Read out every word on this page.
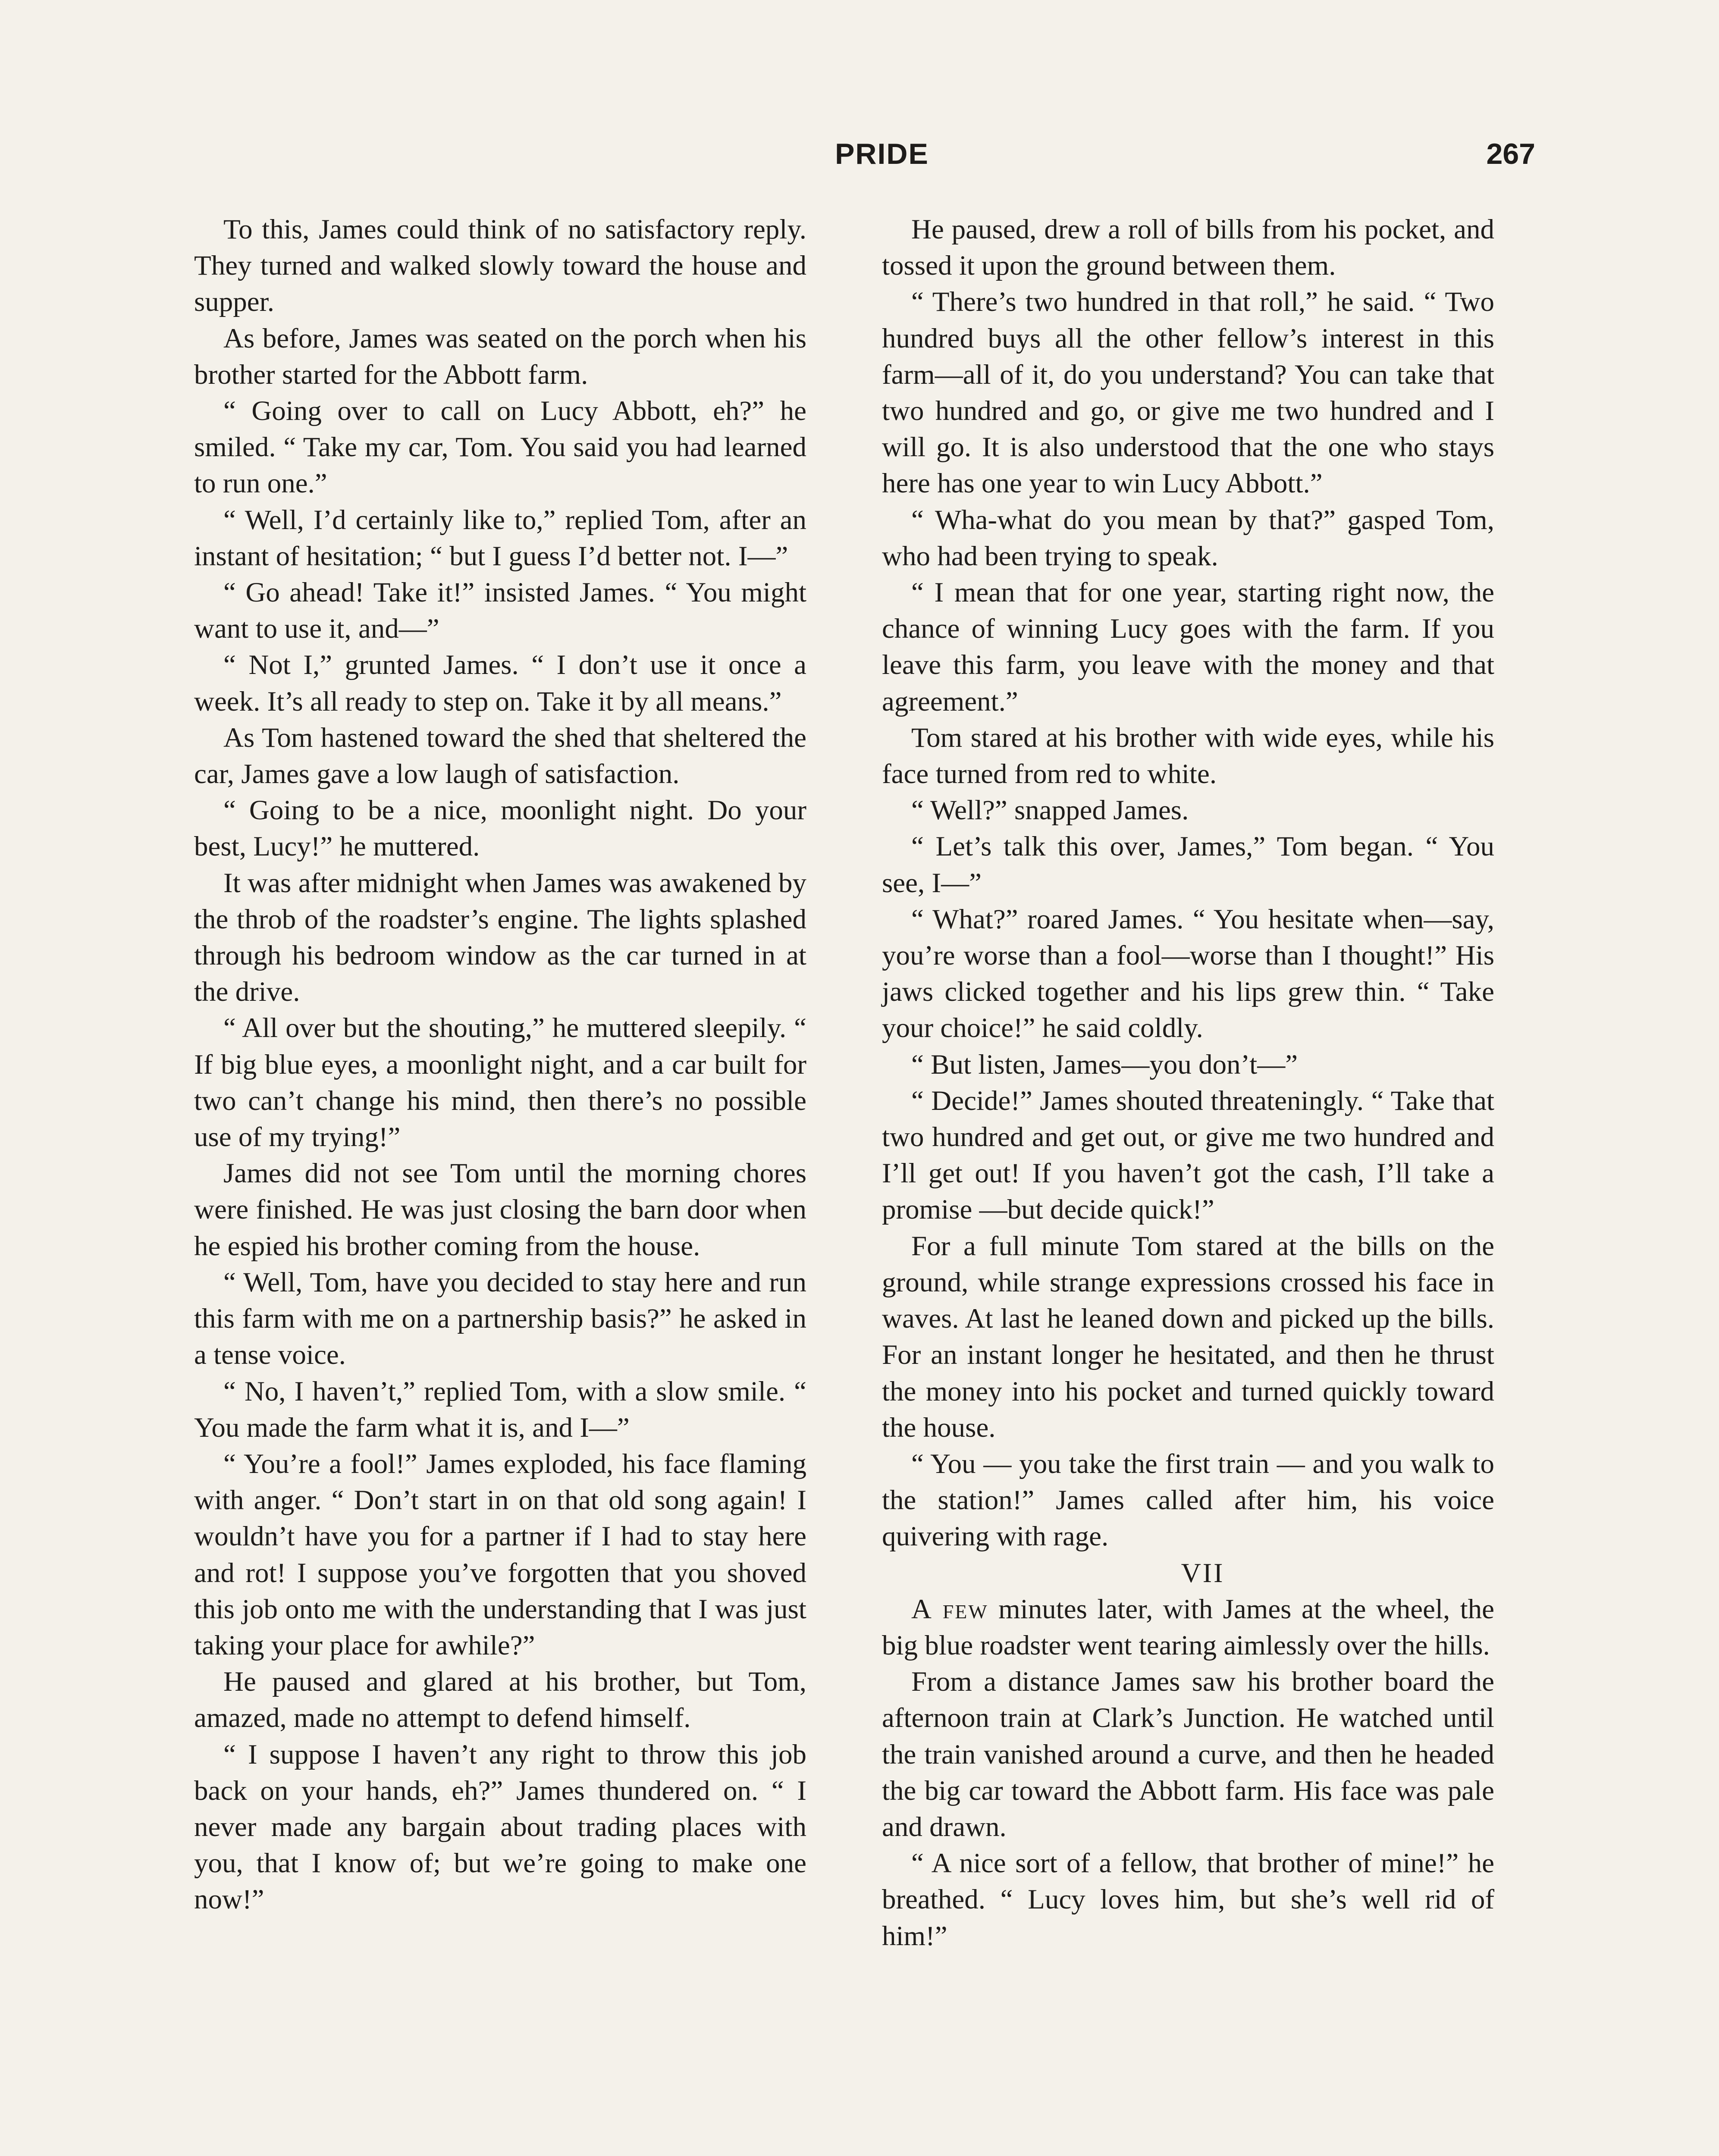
PRIDE	267

To this, James could think of no satisfactory reply. They turned and walked slowly toward the house and supper.

As before, James was seated on the porch when his brother started for the Abbott farm.

“ Going over to call on Lucy Abbott, eh?” he smiled. “ Take my car, Tom. You said you had learned to run one.”

“ Well, I’d certainly like to,” replied Tom, after an instant of hesitation; “ but I guess I’d better not. I—”

“ Go ahead! Take it!” insisted James. “ You might want to use it, and—”

“ Not I,” grunted James. “ I don’t use it once a week. It’s all ready to step on. Take it by all means.”

As Tom hastened toward the shed that sheltered the car, James gave a low laugh of satisfaction.

“ Going to be a nice, moonlight night. Do your best, Lucy!” he muttered.

It was after midnight when James was awakened by the throb of the roadster’s engine. The lights splashed through his bedroom window as the car turned in at the drive.

“ All over but the shouting,” he muttered sleepily. “ If big blue eyes, a moonlight night, and a car built for two can’t change his mind, then there’s no possible use of my trying!”

James did not see Tom until the morning chores were finished. He was just closing the barn door when he espied his brother coming from the house.

“ Well, Tom, have you decided to stay here and run this farm with me on a partnership basis?” he asked in a tense voice.

“ No, I haven’t,” replied Tom, with a slow smile. “ You made the farm what it is, and I—”

“ You’re a fool!” James exploded, his face flaming with anger. “ Don’t start in on that old song again! I wouldn’t have you for a partner if I had to stay here and rot! I suppose you’ve forgotten that you shoved this job onto me with the understanding that I was just taking your place for awhile?”

He paused and glared at his brother, but Tom, amazed, made no attempt to defend himself.

“ I suppose I haven’t any right to throw this job back on your hands, eh?” James thundered on. “ I never made any bargain about trading places with you, that I know of; but we’re going to make one now!”

He paused, drew a roll of bills from his pocket, and tossed it upon the ground between them.

“ There’s two hundred in that roll,” he said. “ Two hundred buys all the other fellow’s interest in this farm—all of it, do you understand? You can take that two hundred and go, or give me two hundred and I will go. It is also understood that the one who stays here has one year to win Lucy Abbott.”

“ Wha-what do you mean by that?” gasped Tom, who had been trying to speak.

“ I mean that for one year, starting right now, the chance of winning Lucy goes with the farm. If you leave this farm, you leave with the money and that agreement.”

Tom stared at his brother with wide eyes, while his face turned from red to white.

“ Well?” snapped James.

“ Let’s talk this over, James,” Tom began. “ You see, I—”

“ What?” roared James. “ You hesitate when—say, you’re worse than a fool—worse than I thought!” His jaws clicked together and his lips grew thin. “ Take your choice!” he said coldly.

“ But listen, James—you don’t—”

“ Decide!” James shouted threateningly. “ Take that two hundred and get out, or give me two hundred and I’ll get out! If you haven’t got the cash, I’ll take a promise —but decide quick!”

For a full minute Tom stared at the bills on the ground, while strange expressions crossed his face in waves. At last he leaned down and picked up the bills. For an instant longer he hesitated, and then he thrust the money into his pocket and turned quickly toward the house.

“ You — you take the first train — and you walk to the station!” James called after him, his voice quivering with rage.

VII

A few minutes later, with James at the wheel, the big blue roadster went tearing aimlessly over the hills.

From a distance James saw his brother board the afternoon train at Clark’s Junction. He watched until the train vanished around a curve, and then he headed the big car toward the Abbott farm. His face was pale and drawn.

“ A nice sort of a fellow, that brother of mine!” he breathed. “ Lucy loves him, but she’s well rid of him!”
